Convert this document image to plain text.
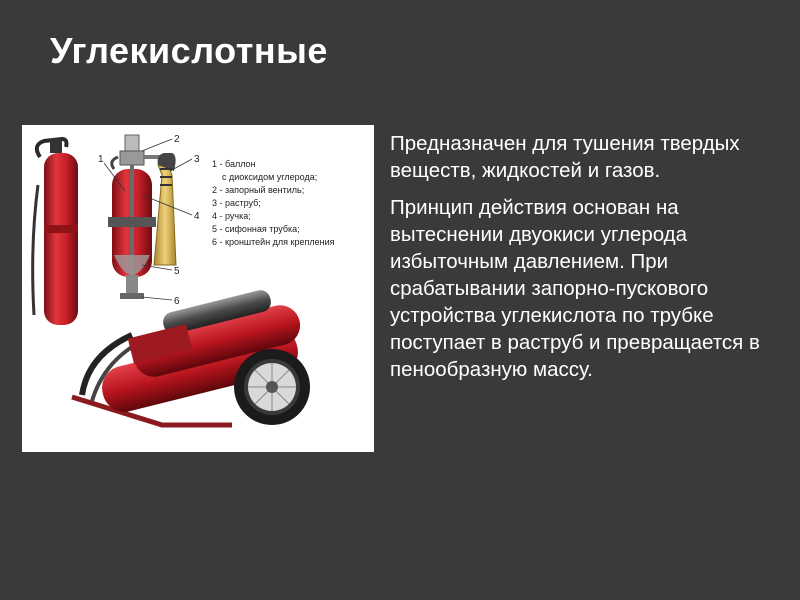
Углекислотные
1
2
3
4
5
6
1 - баллон
с диоксидом углерода;
2 - запорный вентиль;
3 - раструб;
4 - ручка;
5 - сифонная трубка;
6 - кронштейн для крепления

Предназначен для тушения твердых веществ, жидкостей и газов.

Принцип действия основан на вытеснении двуокиси углерода избыточным давлением. При срабатывании запорно-пускового устройства углекислота по трубке поступает в раструб и превращается в пенообразную массу.
